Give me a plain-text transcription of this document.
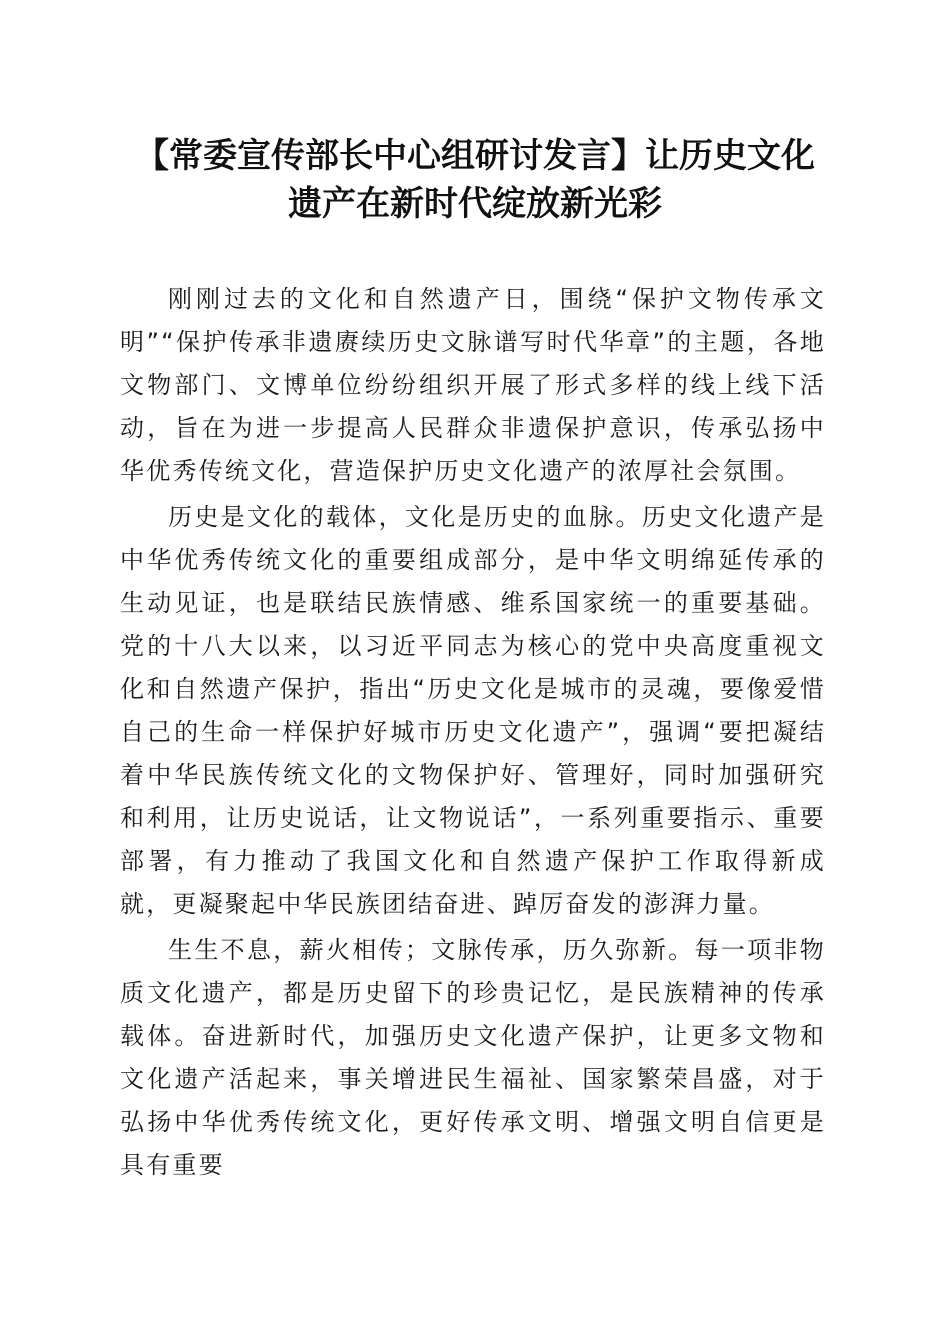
【常委宣传部长中心组研讨发言】让历史文化
遗产在新时代绽放新光彩

刚刚过去的文化和自然遗产日，围绕“保护文物传承文明”“保护传承非遗赓续历史文脉谱写时代华章”的主题，各地文物部门、文博单位纷纷组织开展了形式多样的线上线下活动，旨在为进一步提高人民群众非遗保护意识，传承弘扬中华优秀传统文化，营造保护历史文化遗产的浓厚社会氛围。

历史是文化的载体，文化是历史的血脉。历史文化遗产是中华优秀传统文化的重要组成部分，是中华文明绵延传承的生动见证，也是联结民族情感、维系国家统一的重要基础。党的十八大以来，以习近平同志为核心的党中央高度重视文化和自然遗产保护，指出“历史文化是城市的灵魂，要像爱惜自己的生命一样保护好城市历史文化遗产”，强调“要把凝结着中华民族传统文化的文物保护好、管理好，同时加强研究和利用，让历史说话，让文物说话”，一系列重要指示、重要部署，有力推动了我国文化和自然遗产保护工作取得新成就，更凝聚起中华民族团结奋进、踔厉奋发的澎湃力量。

生生不息，薪火相传；文脉传承，历久弥新。每一项非物质文化遗产，都是历史留下的珍贵记忆，是民族精神的传承载体。奋进新时代，加强历史文化遗产保护，让更多文物和文化遗产活起来，事关增进民生福祉、国家繁荣昌盛，对于弘扬中华优秀传统文化，更好传承文明、增强文明自信更是具有重要
